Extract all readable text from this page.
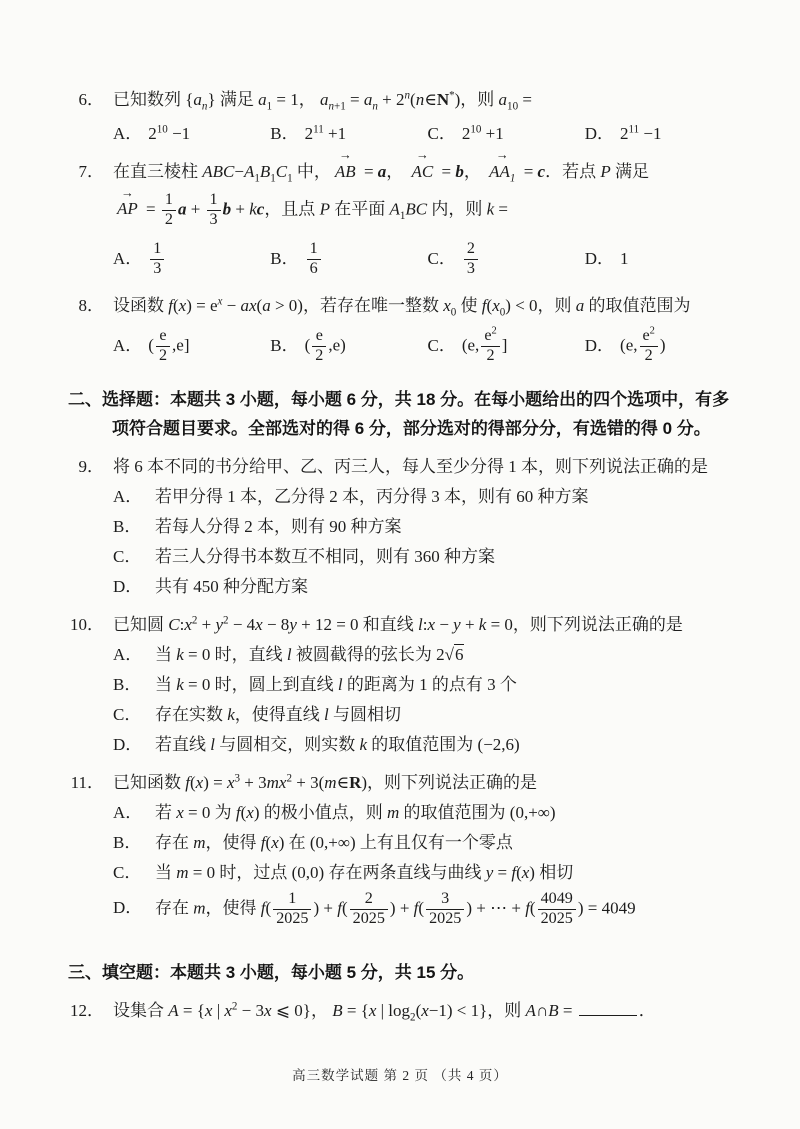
6． 已知数列 $\{a_n\}$ 满足 $a_1 = 1$， $a_{n+1} = a_n$ + $2^n(n\in N^*)$，则 $a_{10}$ =
A． $2^{10} -1$	B． $2^{11} +1$	C． $2^{10} +1$	D． $2^{11} -1$
7． 在直三棱柱 $ABC-A_1B_1C_1$ 中， → AB = a， → AC = b， → $AA_1 = c$．若点 P 满足
→ AP = $\frac{1}{2}$ $a + \frac{1}{3}$ b + kc，且点 P 在平面 $A_1BC$ 内，则 k =
A． $\frac{1}{3}$	B． $\frac{1}{6}$	C． $\frac{2}{3}$	D． 1
8． 设函数 $f(x) = e^x - ax(a > 0)$，若存在唯一整数 $x_0$ 使 $f(x_0) < 0$，则 a 的取值范围为
A． ( $\frac{e}{2} ,e$]	B． ( $\frac{e}{2} ,e$)	C． (e, $\frac{e^2}{2}$ ]	D． (e, $\frac{e^2}{2}$ )
二、选择题：本题共 3 小题，每小题 6 分，共 18 分。在每小题给出的四个选项中，有多项符合题目要求。全部选对的得 6 分，部分选对的得部分分，有选错的得 0 分。
9． 将 6 本不同的书分给甲、乙、丙三人，每人至少分得 1 本，则下列说法正确的是
A． 若甲分得 1 本，乙分得 2 本，丙分得 3 本，则有 60 种方案
B． 若每人分得 2 本，则有 90 种方案
C． 若三人分得书本数互不相同，则有 360 种方案
D． 共有 450 种分配方案
10． 已知圆 $C:x^2 + y^2 - 4x - 8y + 12 = 0$ 和直线 l:x − y + k = 0，则下列说法正确的是
A． 当 k = 0 时，直线 l 被圆截得的弦长为 2√6
B． 当 k = 0 时，圆上到直线 l 的距离为 1 的点有 3 个
C． 存在实数 k，使得直线 l 与圆相切
D． 若直线 l 与圆相交，则实数 k 的取值范围为 (−2,6)
11． 已知函数 $f(x) = x^3 + 3mx^2$ + 3(m∈R)，则下列说法正确的是
A． 若 x = 0 为 f(x) 的极小值点，则 m 的取值范围为 (0,+∞)
B． 存在 m，使得 f(x) 在 (0,+∞) 上有且仅有一个零点
C． 当 m = 0 时，过点 (0,0) 存在两条直线与曲线 y = f(x) 相切
D． 存在 m，使得 $f( \frac{1}{2025}$ ) + $f( \frac{2}{2025}$ ) + $f( \frac{3}{2025}$ ) + ⋯ + $f( \frac{4049}{2025}$ ) = 4049
三、填空题：本题共 3 小题，每小题 5 分，共 15 分。
12． 设集合 A = {x | $x^2 - 3x$ ⩽ 0}， B = {x | $\log_2(x-1) < 1$}，则 A∩B =	．
高三数学试题 第 2 页 （共 4 页）
